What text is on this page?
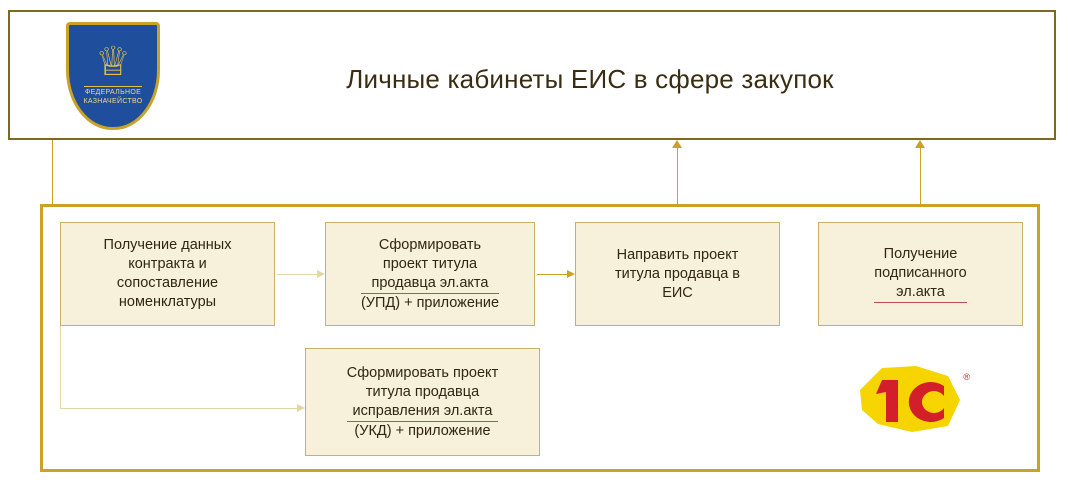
Личные кабинеты ЕИС в сфере закупок
♕
ФЕДЕРАЛЬНОЕ
КАЗНАЧЕЙСТВО
Получение данных
контракта и
сопоставление
номенклатуры
Сформировать
проект титула
продавца эл.акта
(УПД) + приложение
Направить проект
титула продавца в
ЕИС
Получение
подписанного
эл.акта
Сформировать проект
титула продавца
исправления эл.акта
(УКД) + приложение
®
